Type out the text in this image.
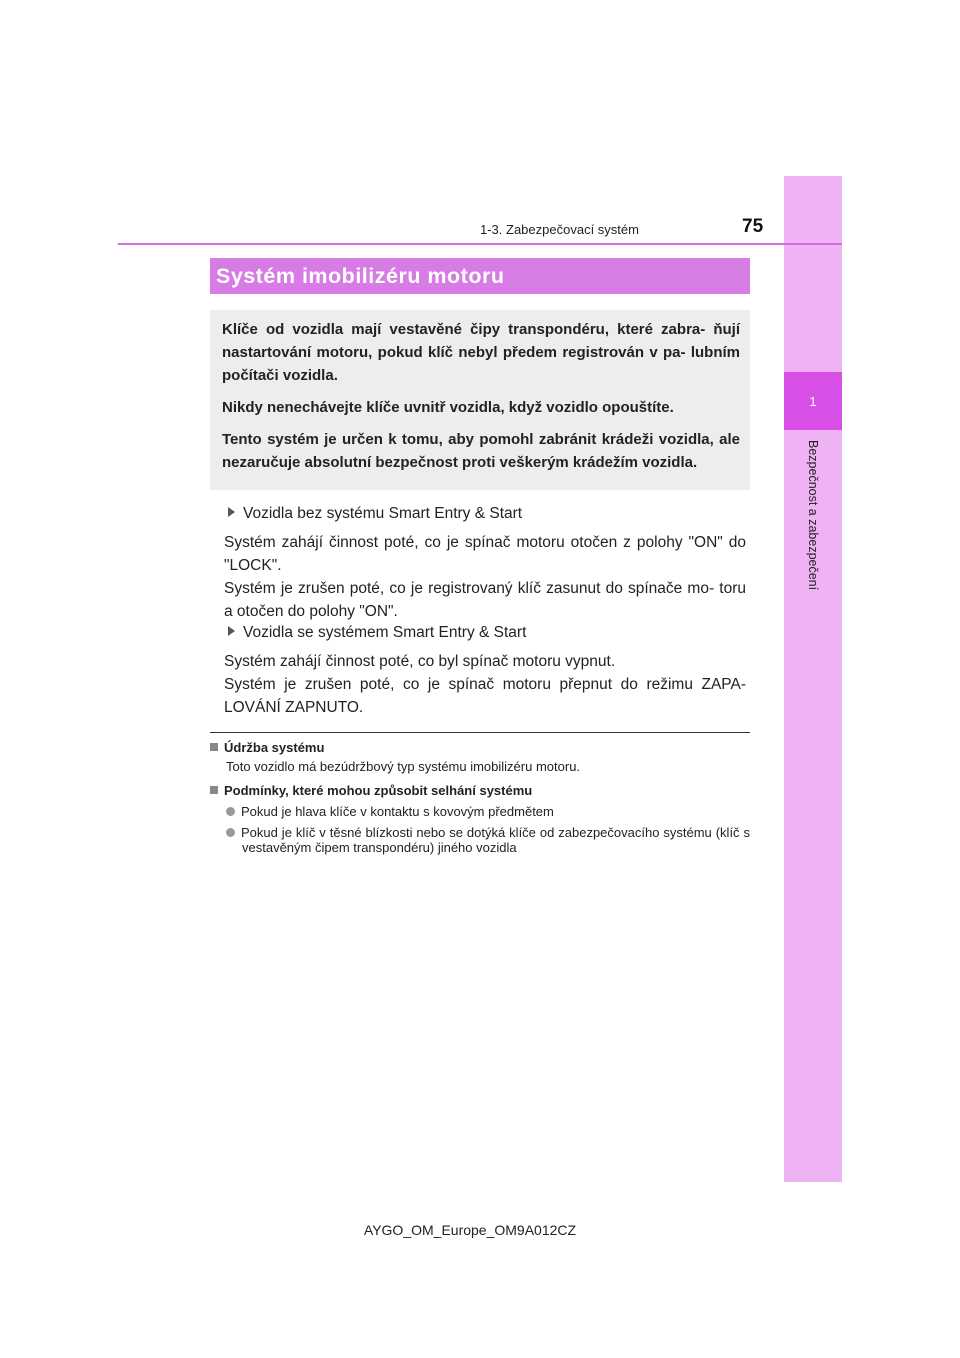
1
Bezpečnost a zabezpečení
1-3. Zabezpečovací systém	75
Systém imobilizéru motoru

Klíče od vozidla mají vestavěné čipy transpondéru, které zabra- ňují nastartování motoru, pokud klíč nebyl předem registrován v pa- lubním počítači vozidla.

Nikdy nenechávejte klíče uvnitř vozidla, když vozidlo opouštíte.

Tento systém je určen k tomu, aby pomohl zabránit krádeži vozidla, ale nezaručuje absolutní bezpečnost proti veškerým krádežím vozidla.

Vozidla bez systému Smart Entry & Start

Systém zahájí činnost poté, co je spínač motoru otočen z polohy "ON" do "LOCK".

Systém je zrušen poté, co je registrovaný klíč zasunut do spínače mo- toru a otočen do polohy "ON".

Vozidla se systémem Smart Entry & Start

Systém zahájí činnost poté, co byl spínač motoru vypnut.

Systém je zrušen poté, co je spínač motoru přepnut do režimu ZAPA- LOVÁNÍ ZAPNUTO.

Údržba systému
Toto vozidlo má bezúdržbový typ systému imobilizéru motoru.
Podmínky, které mohou způsobit selhání systému
Pokud je hlava klíče v kontaktu s kovovým předmětem
Pokud je klíč v těsné blízkosti nebo se dotýká klíče od zabezpečovacího systému (klíč s vestavěným čipem transpondéru) jiného vozidla
AYGO_OM_Europe_OM9A012CZ
